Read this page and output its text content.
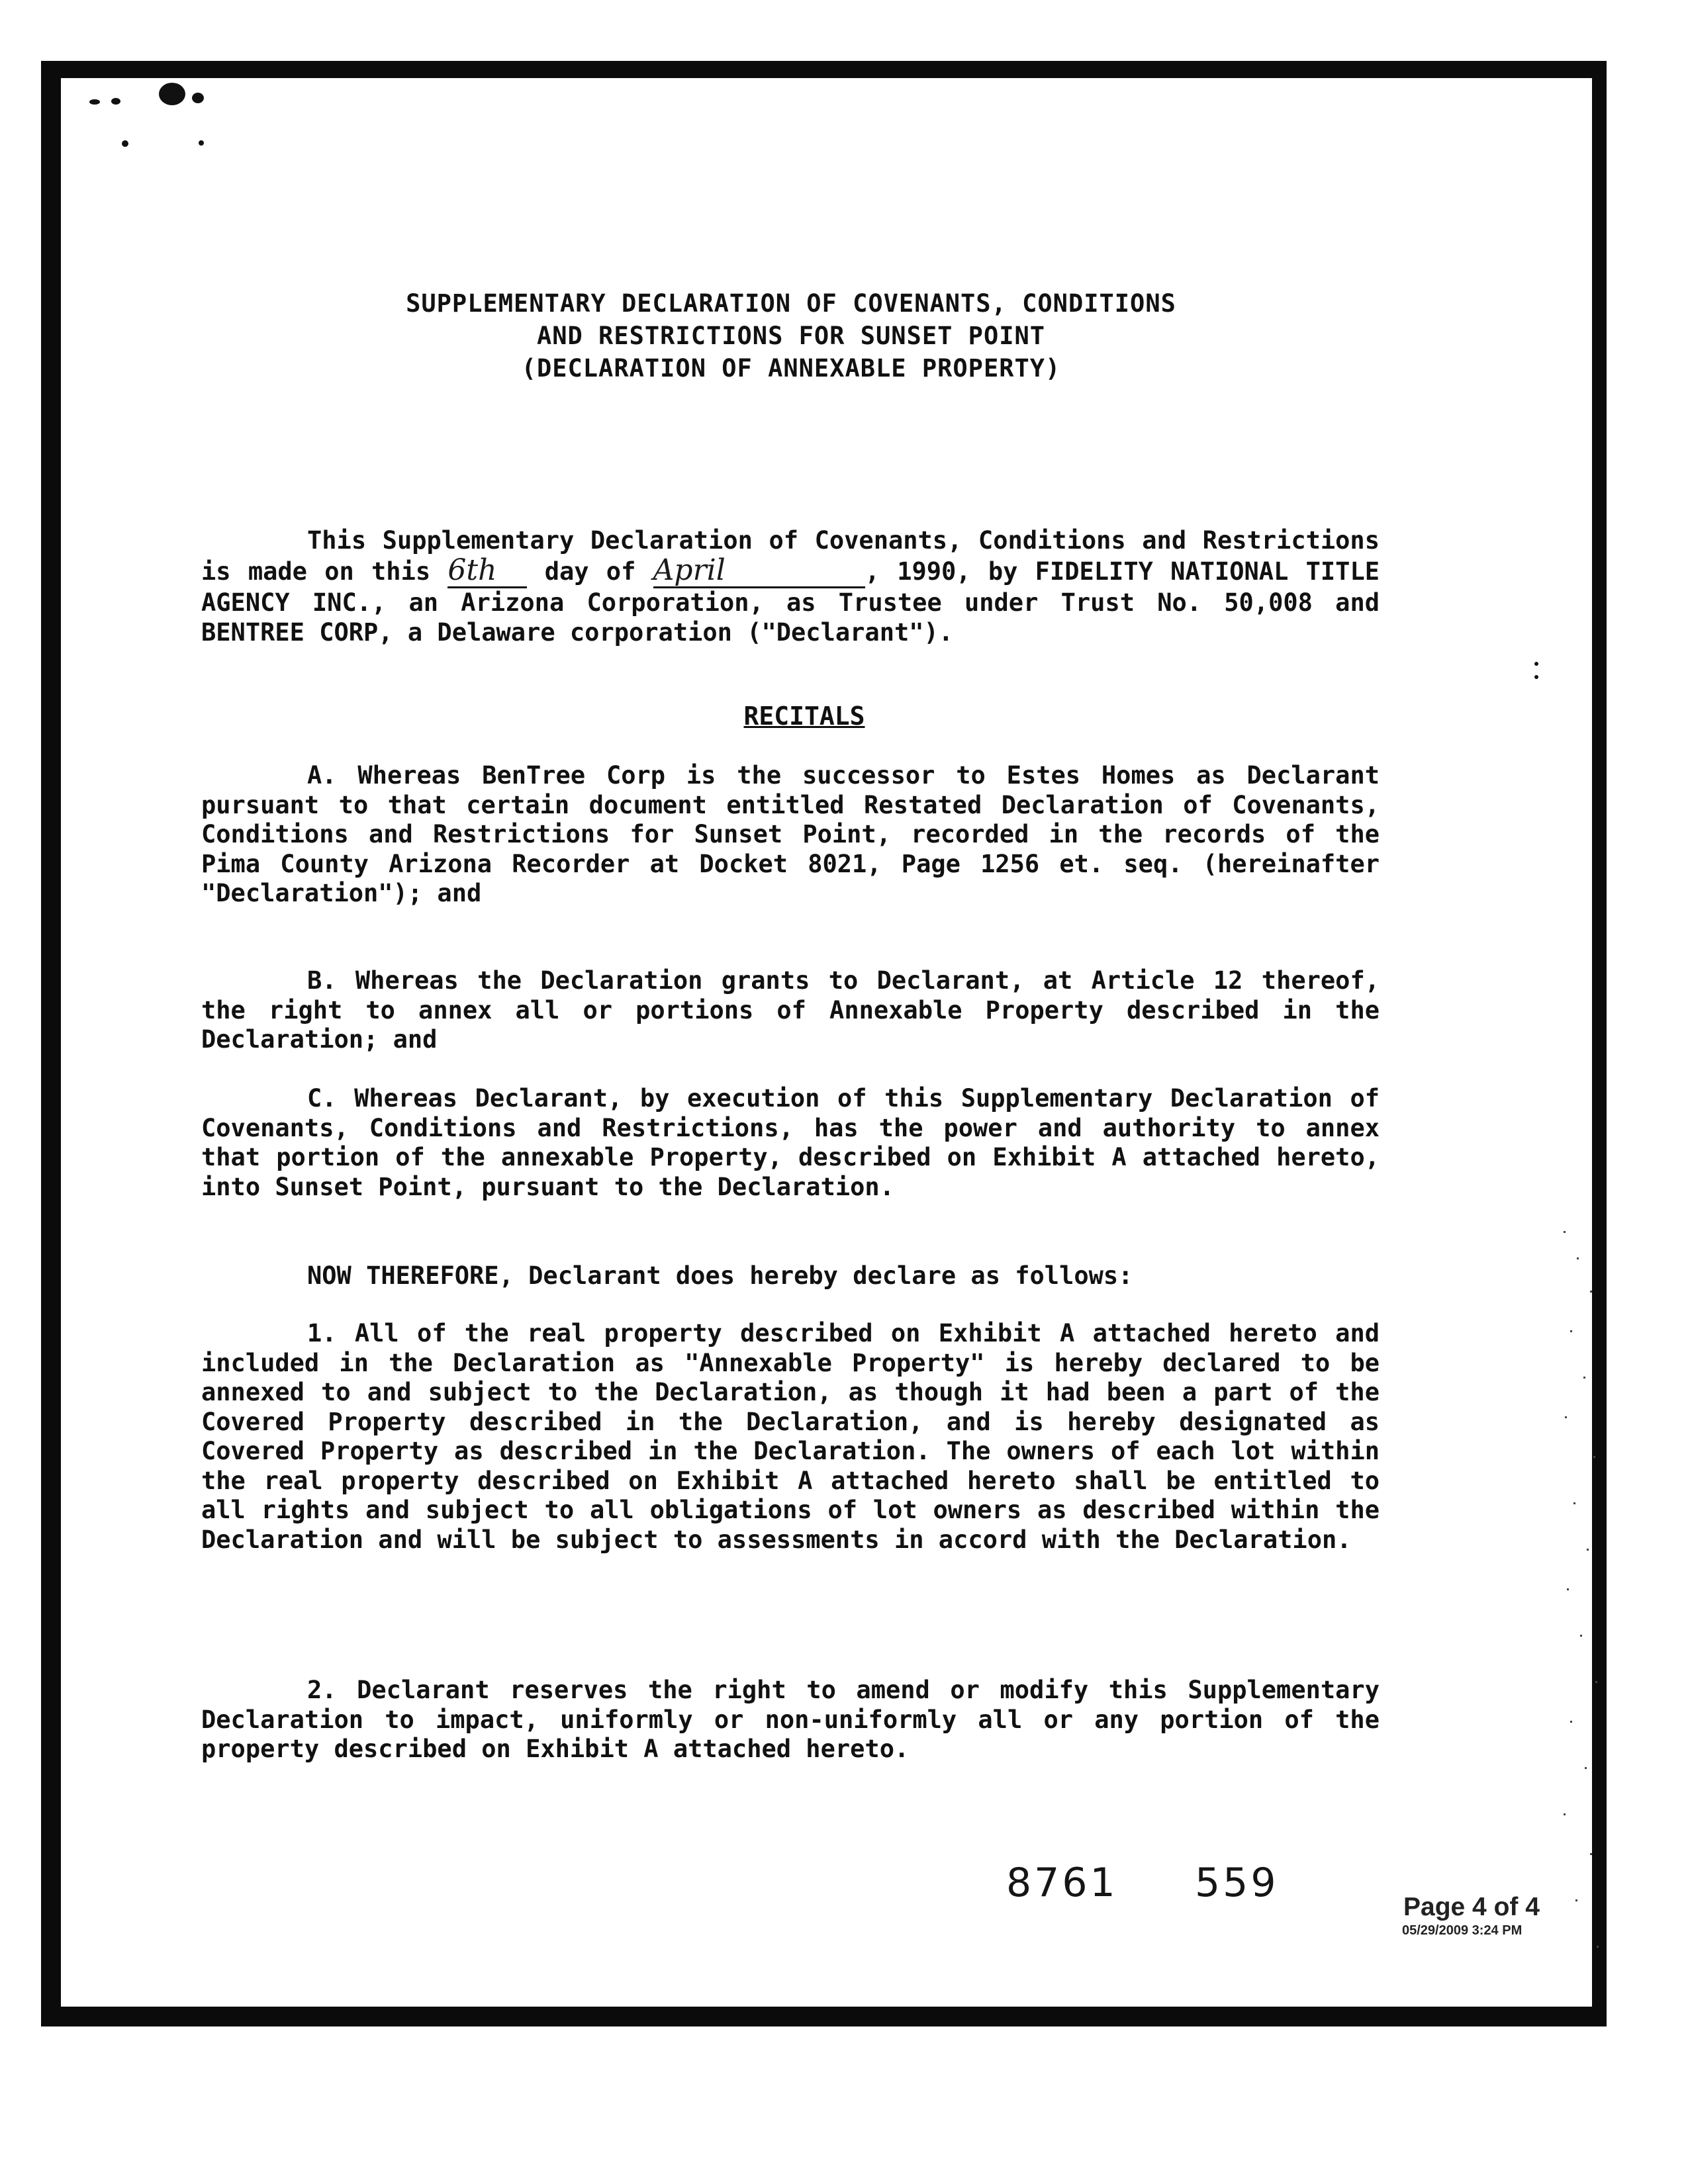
SUPPLEMENTARY DECLARATION OF COVENANTS, CONDITIONS
AND RESTRICTIONS FOR SUNSET POINT
(DECLARATION OF ANNEXABLE PROPERTY)
This Supplementary Declaration of Covenants, Conditions and Restrictions is made on this 6th day of April	, 1990, by FIDELITY NATIONAL TITLE AGENCY INC., an Arizona Corporation, as Trustee under Trust No. 50,008 and BENTREE CORP, a Delaware corporation ("Declarant").
RECITALS
A. Whereas BenTree Corp is the successor to Estes Homes as Declarant pursuant to that certain document entitled Restated Declaration of Covenants, Conditions and Restrictions for Sunset Point, recorded in the records of the Pima County Arizona Recorder at Docket 8021, Page 1256 et. seq. (hereinafter "Declaration"); and
B. Whereas the Declaration grants to Declarant, at Article 12 thereof, the right to annex all or portions of Annexable Property described in the Declaration; and
C. Whereas Declarant, by execution of this Supplementary Declaration of Covenants, Conditions and Restrictions, has the power and authority to annex that portion of the annexable Property, described on Exhibit A attached hereto, into Sunset Point, pursuant to the Declaration.
NOW THEREFORE, Declarant does hereby declare as follows:
1. All of the real property described on Exhibit A attached hereto and included in the Declaration as "Annexable Property" is hereby declared to be annexed to and subject to the Declaration, as though it had been a part of the Covered Property described in the Declaration, and is hereby designated as Covered Property as described in the Declaration. The owners of each lot within the real property described on Exhibit A attached hereto shall be entitled to all rights and subject to all obligations of lot owners as described within the Declaration and will be subject to assessments in accord with the Declaration.
2. Declarant reserves the right to amend or modify this Supplementary Declaration to impact, uniformly or non-uniformly all or any portion of the property described on Exhibit A attached hereto.
8761 559
Page 4 of 4
05/29/2009 3:24 PM
